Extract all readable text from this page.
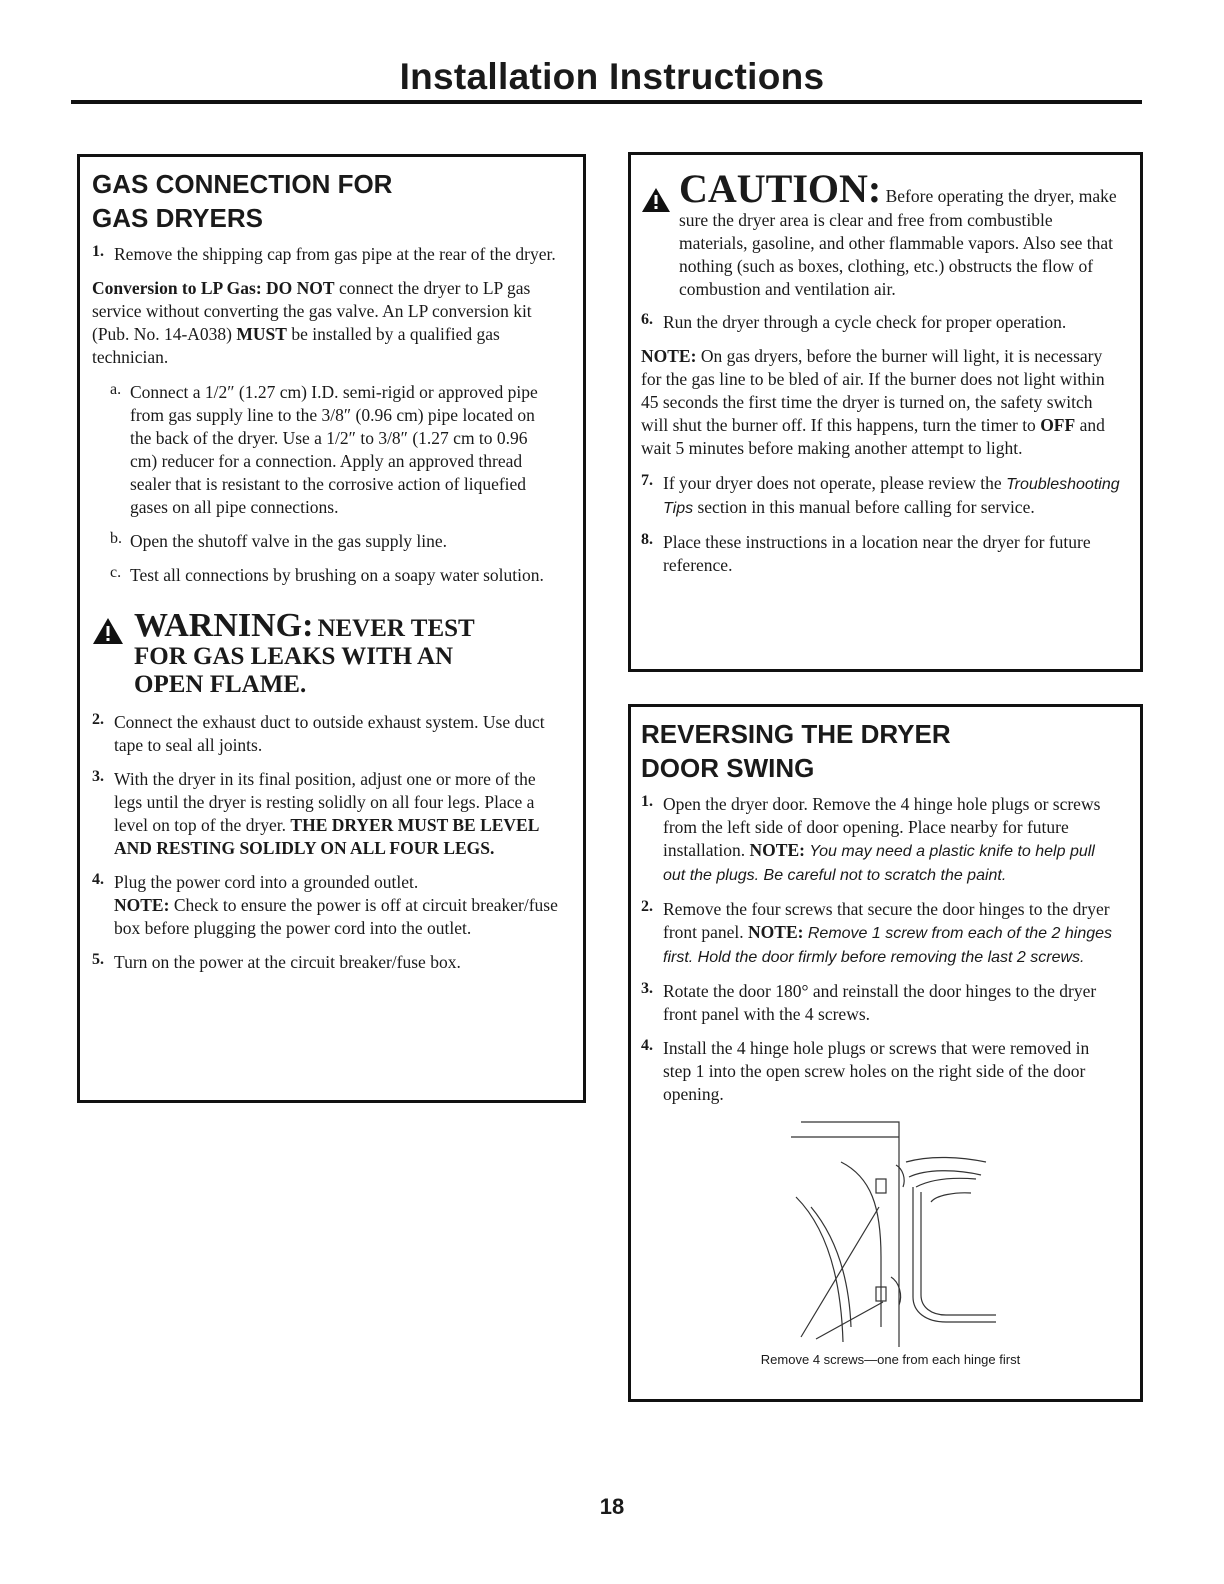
Installation Instructions
GAS CONNECTION FOR
GAS DRYERS
1. Remove the shipping cap from gas pipe at the rear of the dryer.

Conversion to LP Gas: DO NOT connect the dryer to LP gas service without converting the gas valve. An LP conversion kit (Pub. No. 14-A038) MUST be installed by a qualified gas technician.

a. Connect a 1/2″ (1.27 cm) I.D. semi-rigid or approved pipe from gas supply line to the 3/8″ (0.96 cm) pipe located on the back of the dryer. Use a 1/2″ to 3/8″ (1.27 cm to 0.96 cm) reducer for a connection. Apply an approved thread sealer that is resistant to the corrosive action of liquefied gases on all pipe connections.

b. Open the shutoff valve in the gas supply line.

c. Test all connections by brushing on a soapy water solution.

WARNING: NEVER TEST
FOR GAS LEAKS WITH AN
OPEN FLAME.
2. Connect the exhaust duct to outside exhaust system. Use duct tape to seal all joints.

3. With the dryer in its final position, adjust one or more of the legs until the dryer is resting solidly on all four legs. Place a level on top of the dryer. THE DRYER MUST BE LEVEL AND RESTING SOLIDLY ON ALL FOUR LEGS.

4. Plug the power cord into a grounded outlet.
NOTE: Check to ensure the power is off at circuit breaker/fuse box before plugging the power cord into the outlet.

5. Turn on the power at the circuit breaker/fuse box.

CAUTION: Before operating the dryer, make sure the dryer area is clear and free from combustible materials, gasoline, and other flammable vapors. Also see that nothing (such as boxes, clothing, etc.) obstructs the flow of combustion and ventilation air.

6. Run the dryer through a cycle check for proper operation.

NOTE: On gas dryers, before the burner will light, it is necessary for the gas line to be bled of air. If the burner does not light within 45 seconds the first time the dryer is turned on, the safety switch will shut the burner off. If this happens, turn the timer to OFF and wait 5 minutes before making another attempt to light.

7. If your dryer does not operate, please review the Troubleshooting Tips section in this manual before calling for service.

8. Place these instructions in a location near the dryer for future reference.

REVERSING THE DRYER
DOOR SWING
1. Open the dryer door. Remove the 4 hinge hole plugs or screws from the left side of door opening. Place nearby for future installation. NOTE: You may need a plastic knife to help pull out the plugs. Be careful not to scratch the paint.

2. Remove the four screws that secure the door hinges to the dryer front panel. NOTE: Remove 1 screw from each of the 2 hinges first. Hold the door firmly before removing the last 2 screws.

3. Rotate the door 180° and reinstall the door hinges to the dryer front panel with the 4 screws.

4. Install the 4 hinge hole plugs or screws that were removed in step 1 into the open screw holes on the right side of the door opening.

Remove 4 screws—one from each hinge first
18
